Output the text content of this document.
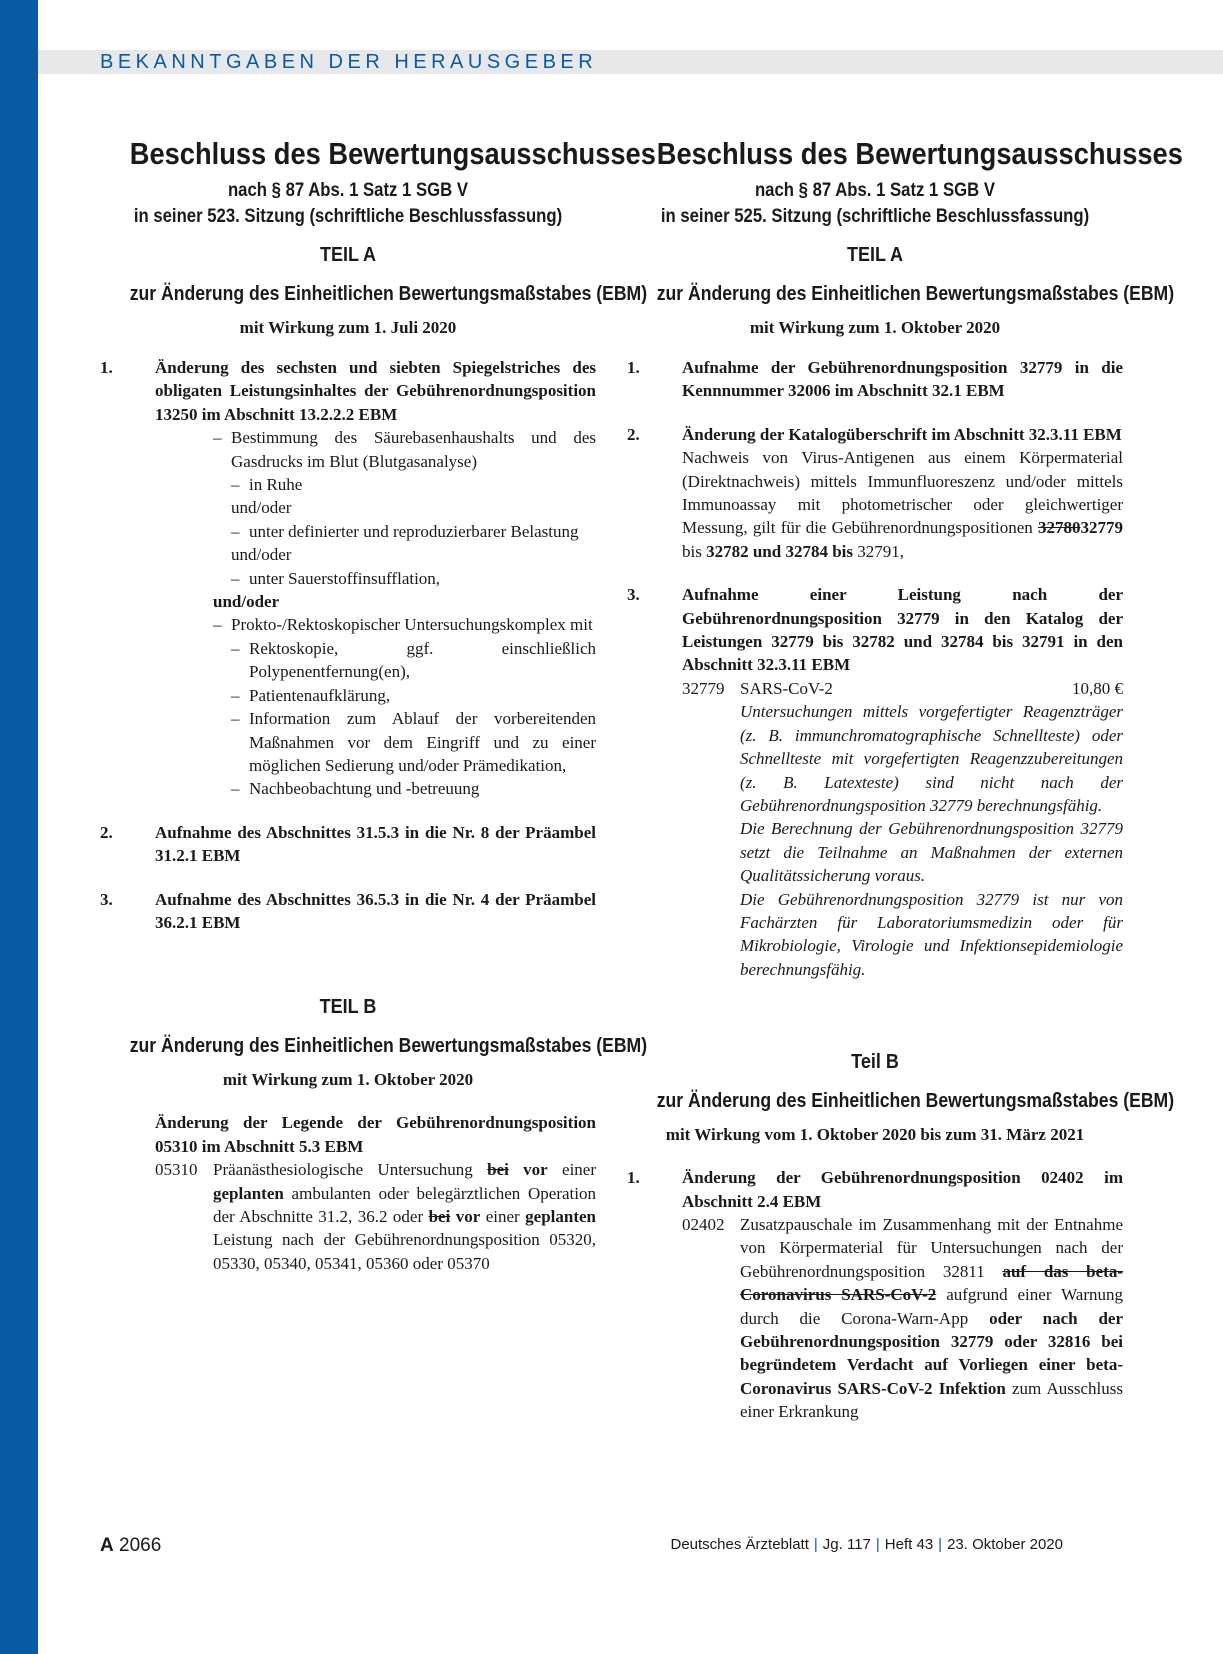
BEKANNTGABEN DER HERAUSGEBER
Beschluss des Bewertungsausschusses
nach § 87 Abs. 1 Satz 1 SGB V
in seiner 523. Sitzung (schriftliche Beschlussfassung)
TEIL A
zur Änderung des Einheitlichen Bewertungsmaßstabes (EBM)
mit Wirkung zum 1. Juli 2020
1.	Änderung des sechsten und siebten Spiegelstriches des obligaten Leistungsinhaltes der Gebührenordnungsposition 13250 im Abschnitt 13.2.2.2 EBM
– Bestimmung des Säurebasenhaushalts und des Gasdrucks im Blut (Blutgasanalyse)
– in Ruhe
und/oder
– unter definierter und reproduzierbarer Belastung
und/oder
– unter Sauerstoffinsufflation,
und/oder
– Prokto-/Rektoskopischer Untersuchungskomplex mit
– Rektoskopie, ggf. einschließlich Polypenentfernung(en),
– Patientenaufklärung,
– Information zum Ablauf der vorbereitenden Maßnahmen vor dem Eingriff und zu einer möglichen Sedierung und/oder Prämedikation,
– Nachbeobachtung und -betreuung
2.	Aufnahme des Abschnittes 31.5.3 in die Nr. 8 der Präambel 31.2.1 EBM
3.	Aufnahme des Abschnittes 36.5.3 in die Nr. 4 der Präambel 36.2.1 EBM
TEIL B
zur Änderung des Einheitlichen Bewertungsmaßstabes (EBM)
mit Wirkung zum 1. Oktober 2020
Änderung der Legende der Gebührenordnungsposition 05310 im Abschnitt 5.3 EBM
05310 Präanästhesiologische Untersuchung bei vor einer geplanten ambulanten oder belegärztlichen Operation der Abschnitte 31.2, 36.2 oder bei vor einer geplanten Leistung nach der Gebührenordnungsposition 05320, 05330, 05340, 05341, 05360 oder 05370
Beschluss des Bewertungsausschusses
nach § 87 Abs. 1 Satz 1 SGB V
in seiner 525. Sitzung (schriftliche Beschlussfassung)
TEIL A
zur Änderung des Einheitlichen Bewertungsmaßstabes (EBM)
mit Wirkung zum 1. Oktober 2020
1.	Aufnahme der Gebührenordnungsposition 32779 in die Kennnummer 32006 im Abschnitt 32.1 EBM
2.	Änderung der Katalogüberschrift im Abschnitt 32.3.11 EBM
Nachweis von Virus-Antigenen aus einem Körpermaterial (Direktnachweis) mittels Immunfluoreszenz und/oder mittels Immunoassay mit photometrischer oder gleichwertiger Messung, gilt für die Gebührenordnungspositionen 3278032779 bis 32782 und 32784 bis 32791,
3.	Aufnahme einer Leistung nach der Gebührenordnungsposition 32779 in den Katalog der Leistungen 32779 bis 32782 und 32784 bis 32791 in den Abschnitt 32.3.11 EBM
32779 SARS-CoV-2	10,80 €
Untersuchungen mittels vorgefertigter Reagenzträger (z. B. immunchromatographische Schnellteste) oder Schnellteste mit vorgefertigten Reagenzzubereitungen (z. B. Latexteste) sind nicht nach der Gebührenordnungsposition 32779 berechnungsfähig.
Die Berechnung der Gebührenordnungsposition 32779 setzt die Teilnahme an Maßnahmen der externen Qualitätssicherung voraus.
Die Gebührenordnungsposition 32779 ist nur von Fachärzten für Laboratoriumsmedizin oder für Mikrobiologie, Virologie und Infektionsepidemiologie berechnungsfähig.
Teil B
zur Änderung des Einheitlichen Bewertungsmaßstabes (EBM)
mit Wirkung vom 1. Oktober 2020 bis zum 31. März 2021
1.	Änderung der Gebührenordnungsposition 02402 im Abschnitt 2.4 EBM
02402 Zusatzpauschale im Zusammenhang mit der Entnahme von Körpermaterial für Untersuchungen nach der Gebührenordnungsposition 32811 auf das beta-Coronavirus SARS-CoV-2 aufgrund einer Warnung durch die Corona-Warn-App oder nach der Gebührenordnungsposition 32779 oder 32816 bei begründetem Verdacht auf Vorliegen einer beta-Coronavirus SARS-CoV-2 Infektion zum Ausschluss einer Erkrankung
A 2066	Deutsches Ärzteblatt | Jg. 117 | Heft 43 | 23. Oktober 2020
